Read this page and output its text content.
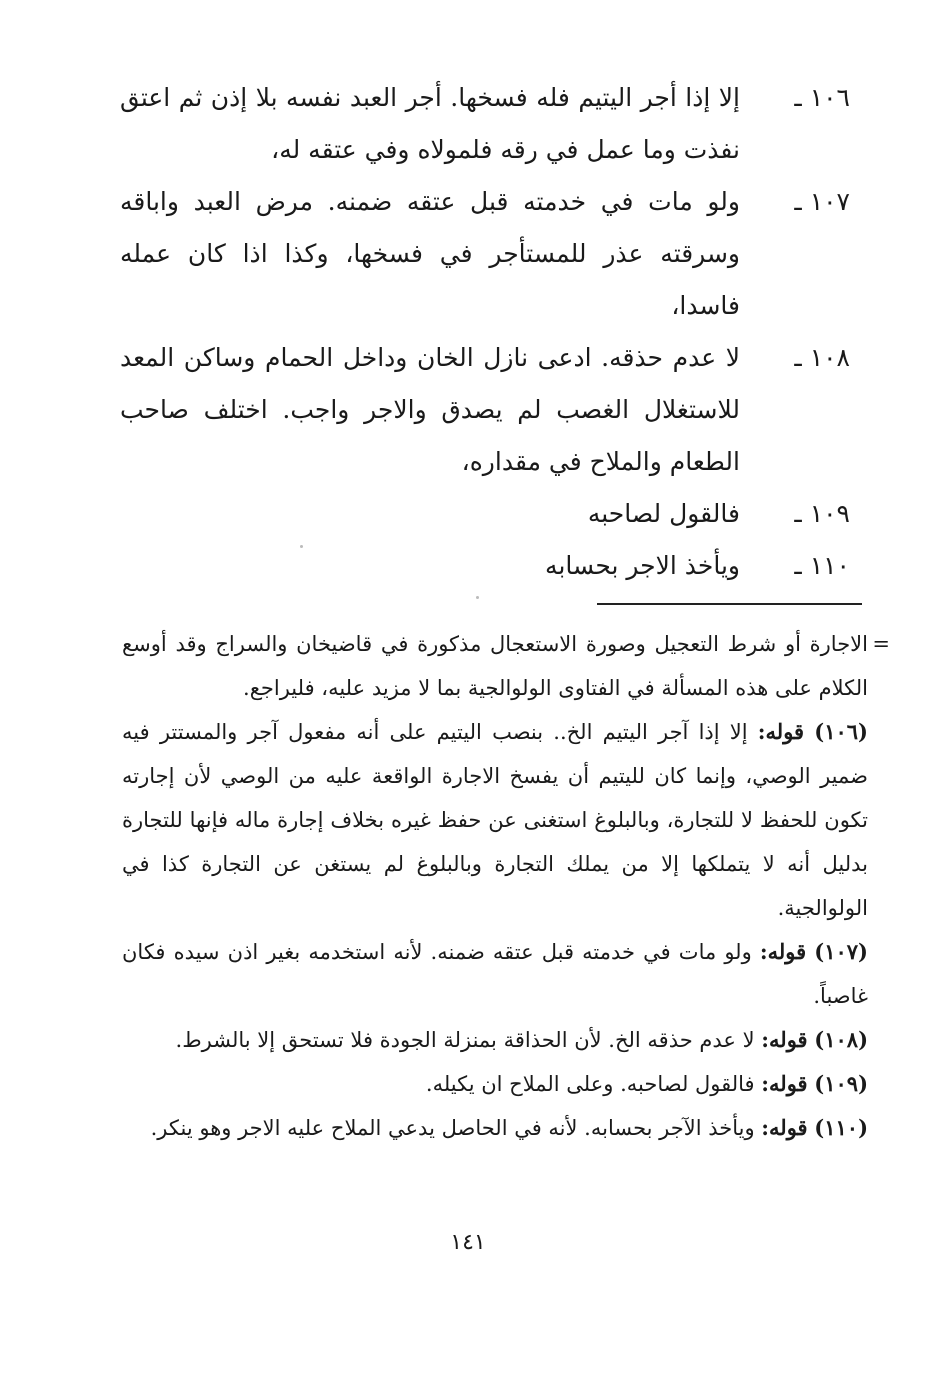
١٠٦ ـ
إلا إذا أجر اليتيم فله فسخها. أجر العبد نفسه بلا إذن ثم اعتق نفذت وما عمل في رقه فلمولاه وفي عتقه له،
١٠٧ ـ
ولو مات في خدمته قبل عتقه ضمنه. مرض العبد واباقه وسرقته عذر للمستأجر في فسخها، وكذا اذا كان عمله فاسدا،
١٠٨ ـ
لا عدم حذقه. ادعى نازل الخان وداخل الحمام وساكن المعد للاستغلال الغصب لم يصدق والاجر واجب. اختلف صاحب الطعام والملاح في مقداره،
١٠٩ ـ
فالقول لصاحبه
١١٠ ـ
ويأخذ الاجر بحسابه
=
الاجارة أو شرط التعجيل وصورة الاستعجال مذكورة في قاضيخان والسراج وقد أوسع الكلام على هذه المسألة في الفتاوى الولوالجية بما لا مزيد عليه، فليراجع.
(١٠٦) قوله: إلا إذا آجر اليتيم الخ.. بنصب اليتيم على أنه مفعول آجر والمستتر فيه ضمير الوصي، وإنما كان لليتيم أن يفسخ الاجارة الواقعة عليه من الوصي لأن إجارته تكون للحفظ لا للتجارة، وبالبلوغ استغنى عن حفظ غيره بخلاف إجارة ماله فإنها للتجارة بدليل أنه لا يتملكها إلا من يملك التجارة وبالبلوغ لم يستغن عن التجارة كذا في الولوالجية.
(١٠٧) قوله: ولو مات في خدمته قبل عتقه ضمنه. لأنه استخدمه بغير اذن سيده فكان غاصباً.
(١٠٨) قوله: لا عدم حذقه الخ. لأن الحذاقة بمنزلة الجودة فلا تستحق إلا بالشرط.
(١٠٩) قوله: فالقول لصاحبه. وعلى الملاح ان يكيله.
(١١٠) قوله: ويأخذ الآجر بحسابه. لأنه في الحاصل يدعي الملاح عليه الاجر وهو ينكر.
١٤١
